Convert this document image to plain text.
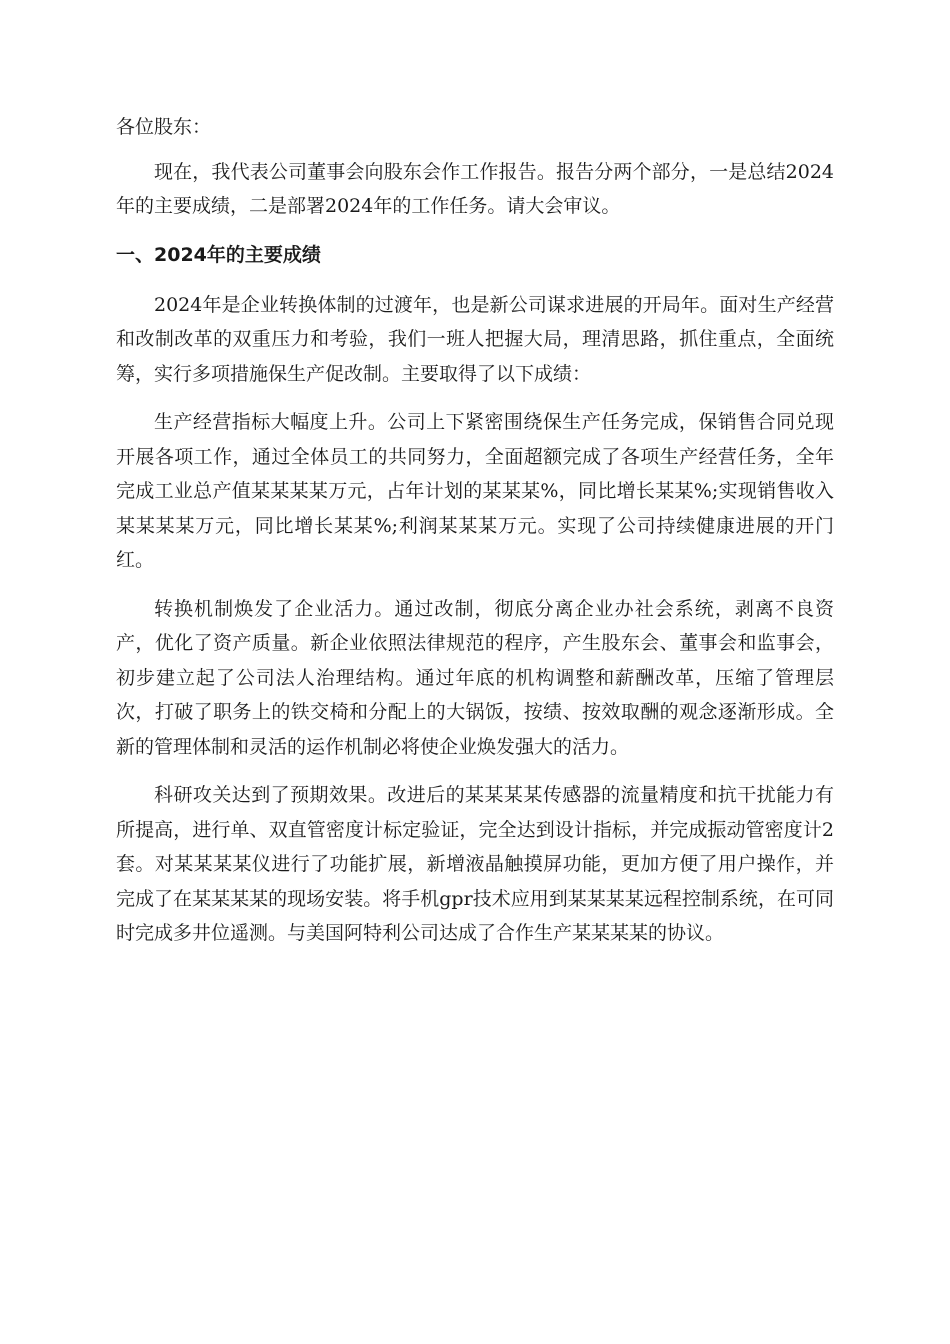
各位股东：

现在，我代表公司董事会向股东会作工作报告。报告分两个部分，一是总结2024年的主要成绩，二是部署2024年的工作任务。请大会审议。

一、2024年的主要成绩

2024年是企业转换体制的过渡年，也是新公司谋求进展的开局年。面对生产经营和改制改革的双重压力和考验，我们一班人把握大局，理清思路，抓住重点，全面统筹，实行多项措施保生产促改制。主要取得了以下成绩：

生产经营指标大幅度上升。公司上下紧密围绕保生产任务完成，保销售合同兑现开展各项工作，通过全体员工的共同努力，全面超额完成了各项生产经营任务，全年完成工业总产值某某某某万元，占年计划的某某某%，同比增长某某%;实现销售收入某某某某万元，同比增长某某%;利润某某某万元。实现了公司持续健康进展的开门红。

转换机制焕发了企业活力。通过改制，彻底分离企业办社会系统，剥离不良资产，优化了资产质量。新企业依照法律规范的程序，产生股东会、董事会和监事会，初步建立起了公司法人治理结构。通过年底的机构调整和薪酬改革，压缩了管理层次，打破了职务上的铁交椅和分配上的大锅饭，按绩、按效取酬的观念逐渐形成。全新的管理体制和灵活的运作机制必将使企业焕发强大的活力。

科研攻关达到了预期效果。改进后的某某某某传感器的流量精度和抗干扰能力有所提高，进行单、双直管密度计标定验证，完全达到设计指标，并完成振动管密度计2套。对某某某某仪进行了功能扩展，新增液晶触摸屏功能，更加方便了用户操作，并完成了在某某某某的现场安装。将手机gpr技术应用到某某某某远程控制系统，在可同时完成多井位遥测。与美国阿特利公司达成了合作生产某某某某的协议。
